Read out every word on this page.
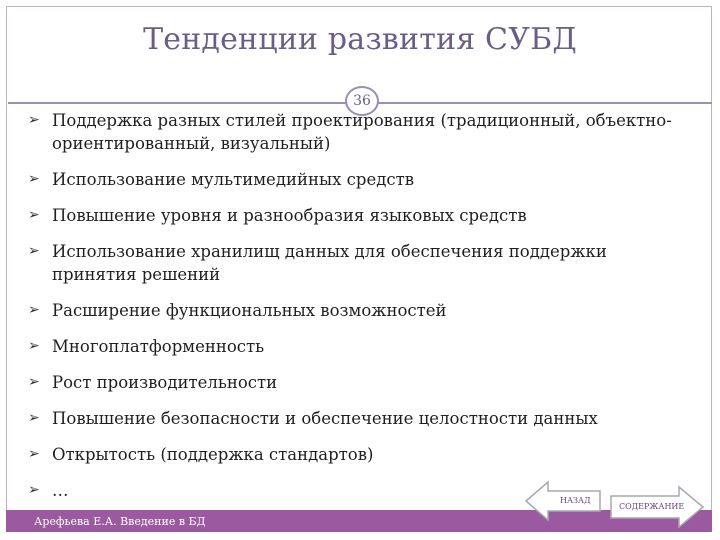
Тенденции развития СУБД
36
➢ Поддержка разных стилей проектирования (традиционный, объектно-ориентированный, визуальный)
➢ Использование мультимедийных средств
➢ Повышение уровня и разнообразия языковых средств
➢ Использование хранилищ данных для обеспечения поддержки принятия решений
➢ Расширение функциональных возможностей
➢ Многоплатформенность
➢ Рост производительности
➢ Повышение безопасности и обеспечение целостности данных
➢ Открытость (поддержка стандартов)
➢ …
Арефьева Е.А. Введение в БД
НАЗАД
СОДЕРЖАНИЕ
